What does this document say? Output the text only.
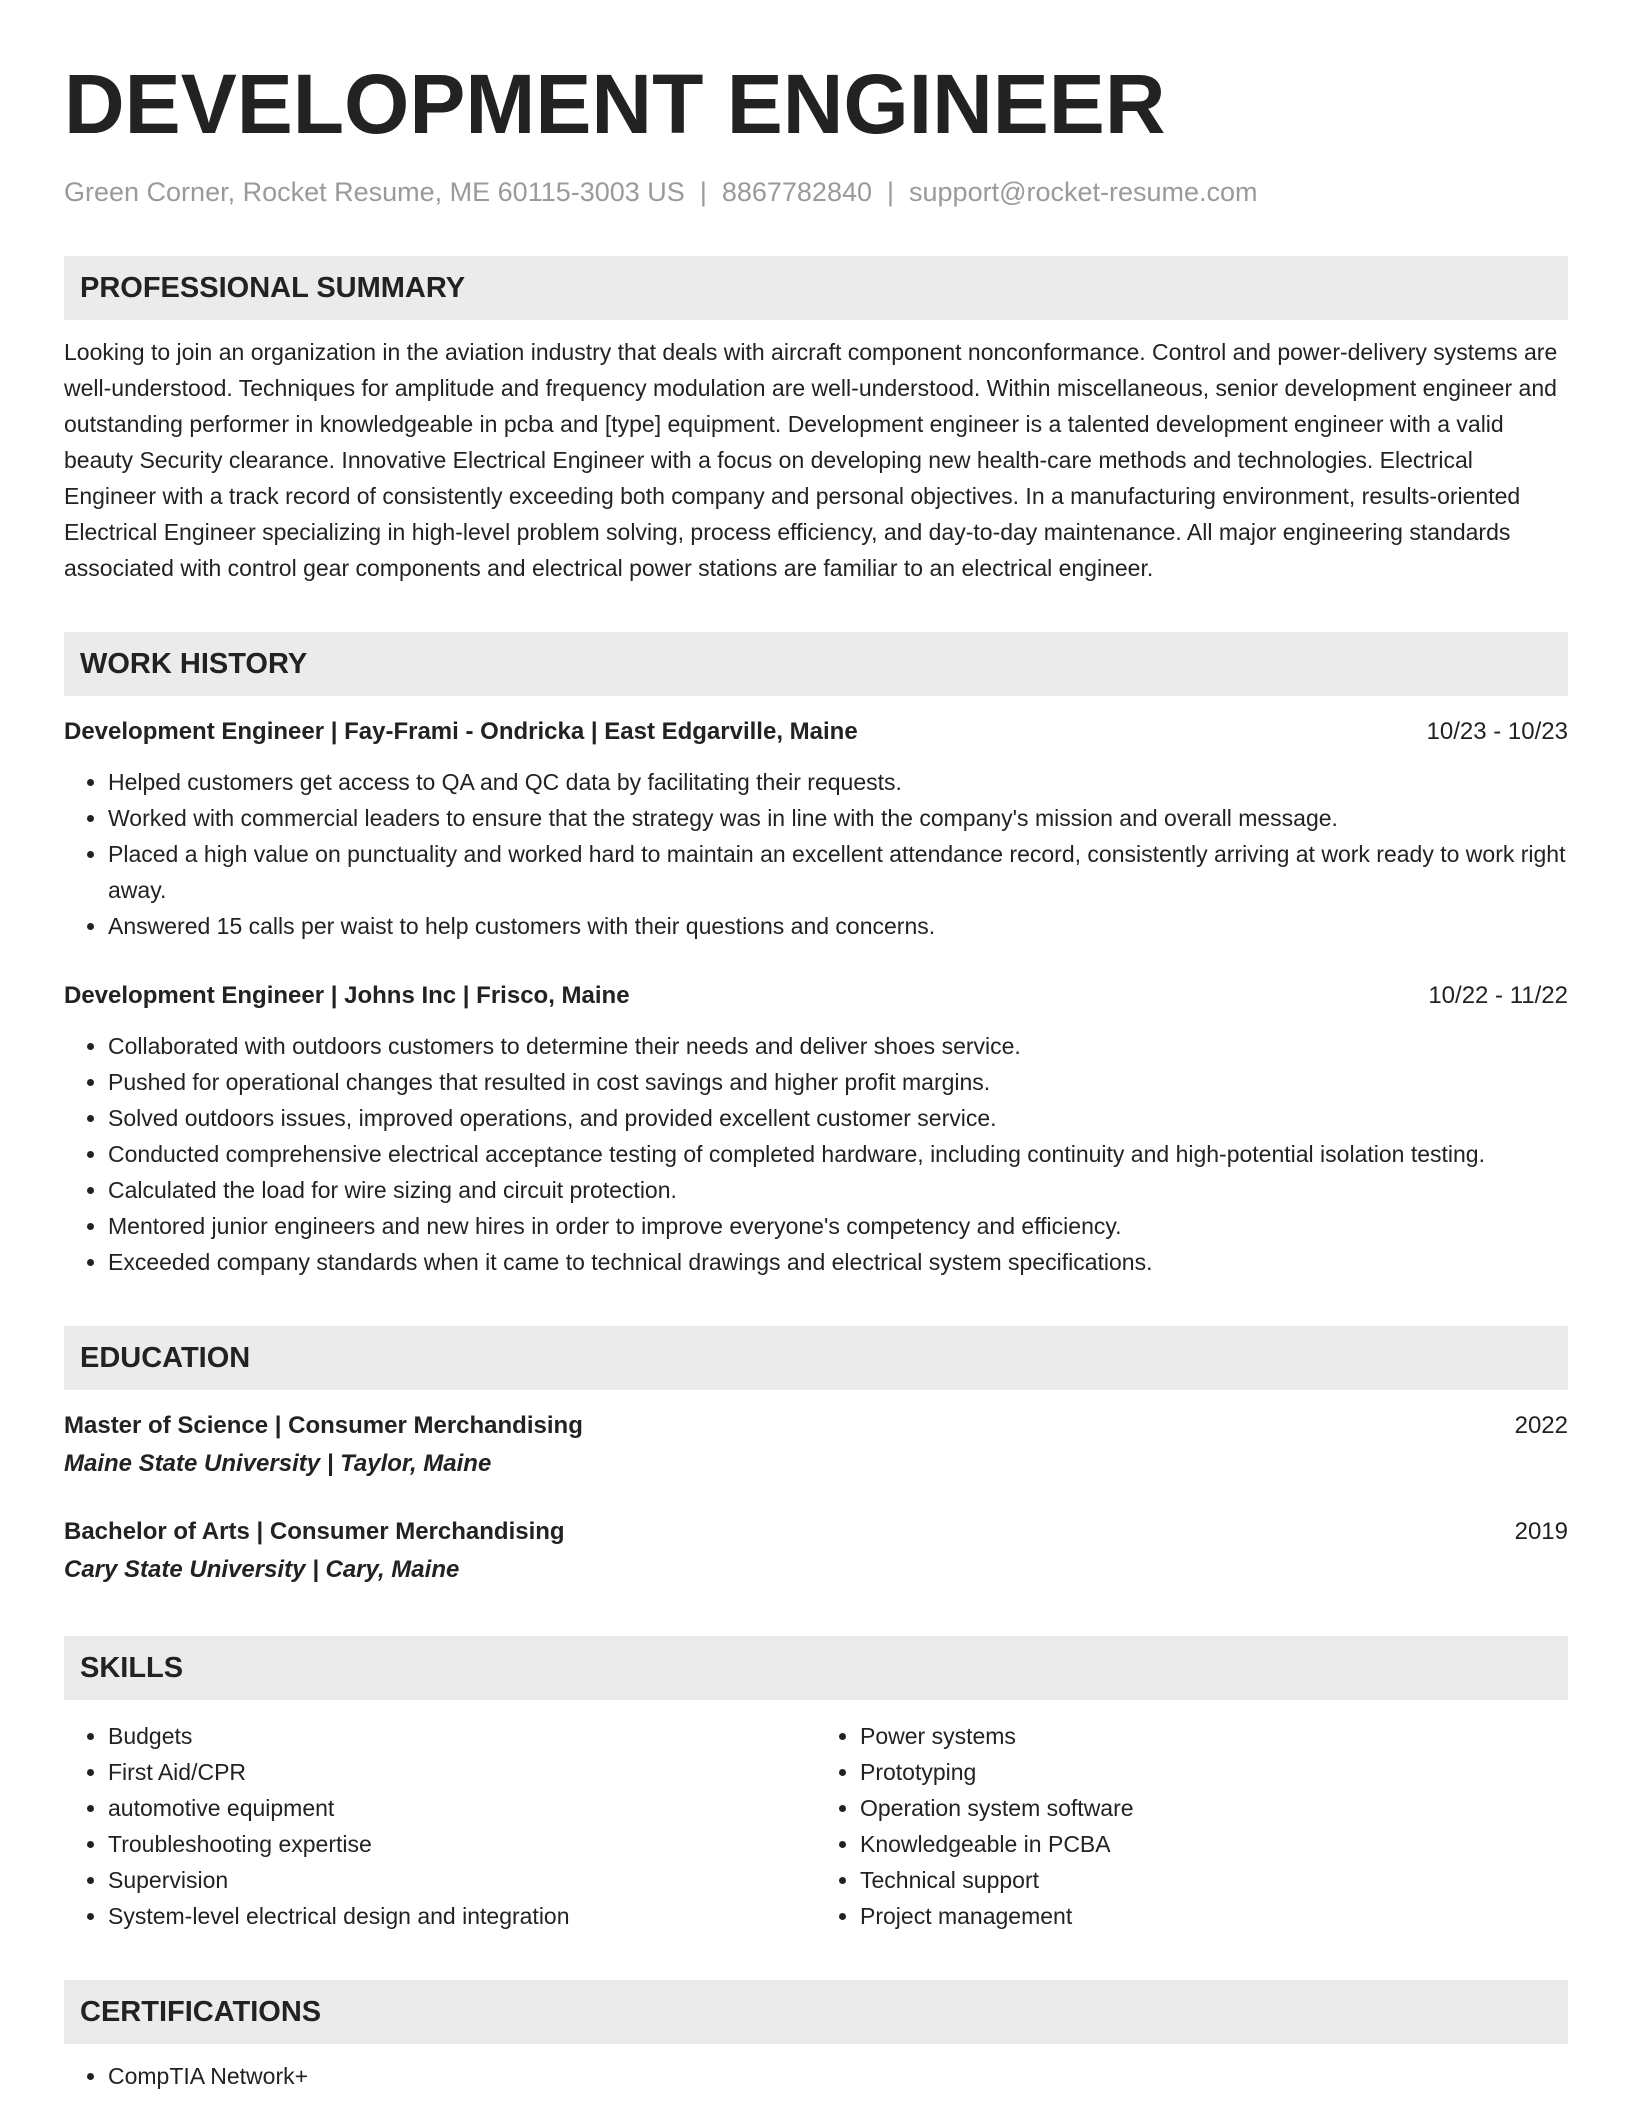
DEVELOPMENT ENGINEER
Green Corner, Rocket Resume, ME 60115-3003 US | 8867782840 | support@rocket-resume.com
PROFESSIONAL SUMMARY
Looking to join an organization in the aviation industry that deals with aircraft component nonconformance. Control and power-delivery systems are well-understood. Techniques for amplitude and frequency modulation are well-understood. Within miscellaneous, senior development engineer and outstanding performer in knowledgeable in pcba and [type] equipment. Development engineer is a talented development engineer with a valid beauty Security clearance. Innovative Electrical Engineer with a focus on developing new health-care methods and technologies. Electrical Engineer with a track record of consistently exceeding both company and personal objectives. In a manufacturing environment, results-oriented Electrical Engineer specializing in high-level problem solving, process efficiency, and day-to-day maintenance. All major engineering standards associated with control gear components and electrical power stations are familiar to an electrical engineer.
WORK HISTORY
Development Engineer | Fay-Frami - Ondricka | East Edgarville, Maine	10/23 - 10/23
• Helped customers get access to QA and QC data by facilitating their requests.
• Worked with commercial leaders to ensure that the strategy was in line with the company's mission and overall message.
• Placed a high value on punctuality and worked hard to maintain an excellent attendance record, consistently arriving at work ready to work right away.
• Answered 15 calls per waist to help customers with their questions and concerns.
Development Engineer | Johns Inc | Frisco, Maine	10/22 - 11/22
• Collaborated with outdoors customers to determine their needs and deliver shoes service.
• Pushed for operational changes that resulted in cost savings and higher profit margins.
• Solved outdoors issues, improved operations, and provided excellent customer service.
• Conducted comprehensive electrical acceptance testing of completed hardware, including continuity and high-potential isolation testing.
• Calculated the load for wire sizing and circuit protection.
• Mentored junior engineers and new hires in order to improve everyone's competency and efficiency.
• Exceeded company standards when it came to technical drawings and electrical system specifications.
EDUCATION
Master of Science | Consumer Merchandising	2022
Maine State University | Taylor, Maine
Bachelor of Arts | Consumer Merchandising	2019
Cary State University | Cary, Maine
SKILLS
• Budgets
• First Aid/CPR
• automotive equipment
• Troubleshooting expertise
• Supervision
• System-level electrical design and integration
• Power systems
• Prototyping
• Operation system software
• Knowledgeable in PCBA
• Technical support
• Project management
CERTIFICATIONS
• CompTIA Network+
